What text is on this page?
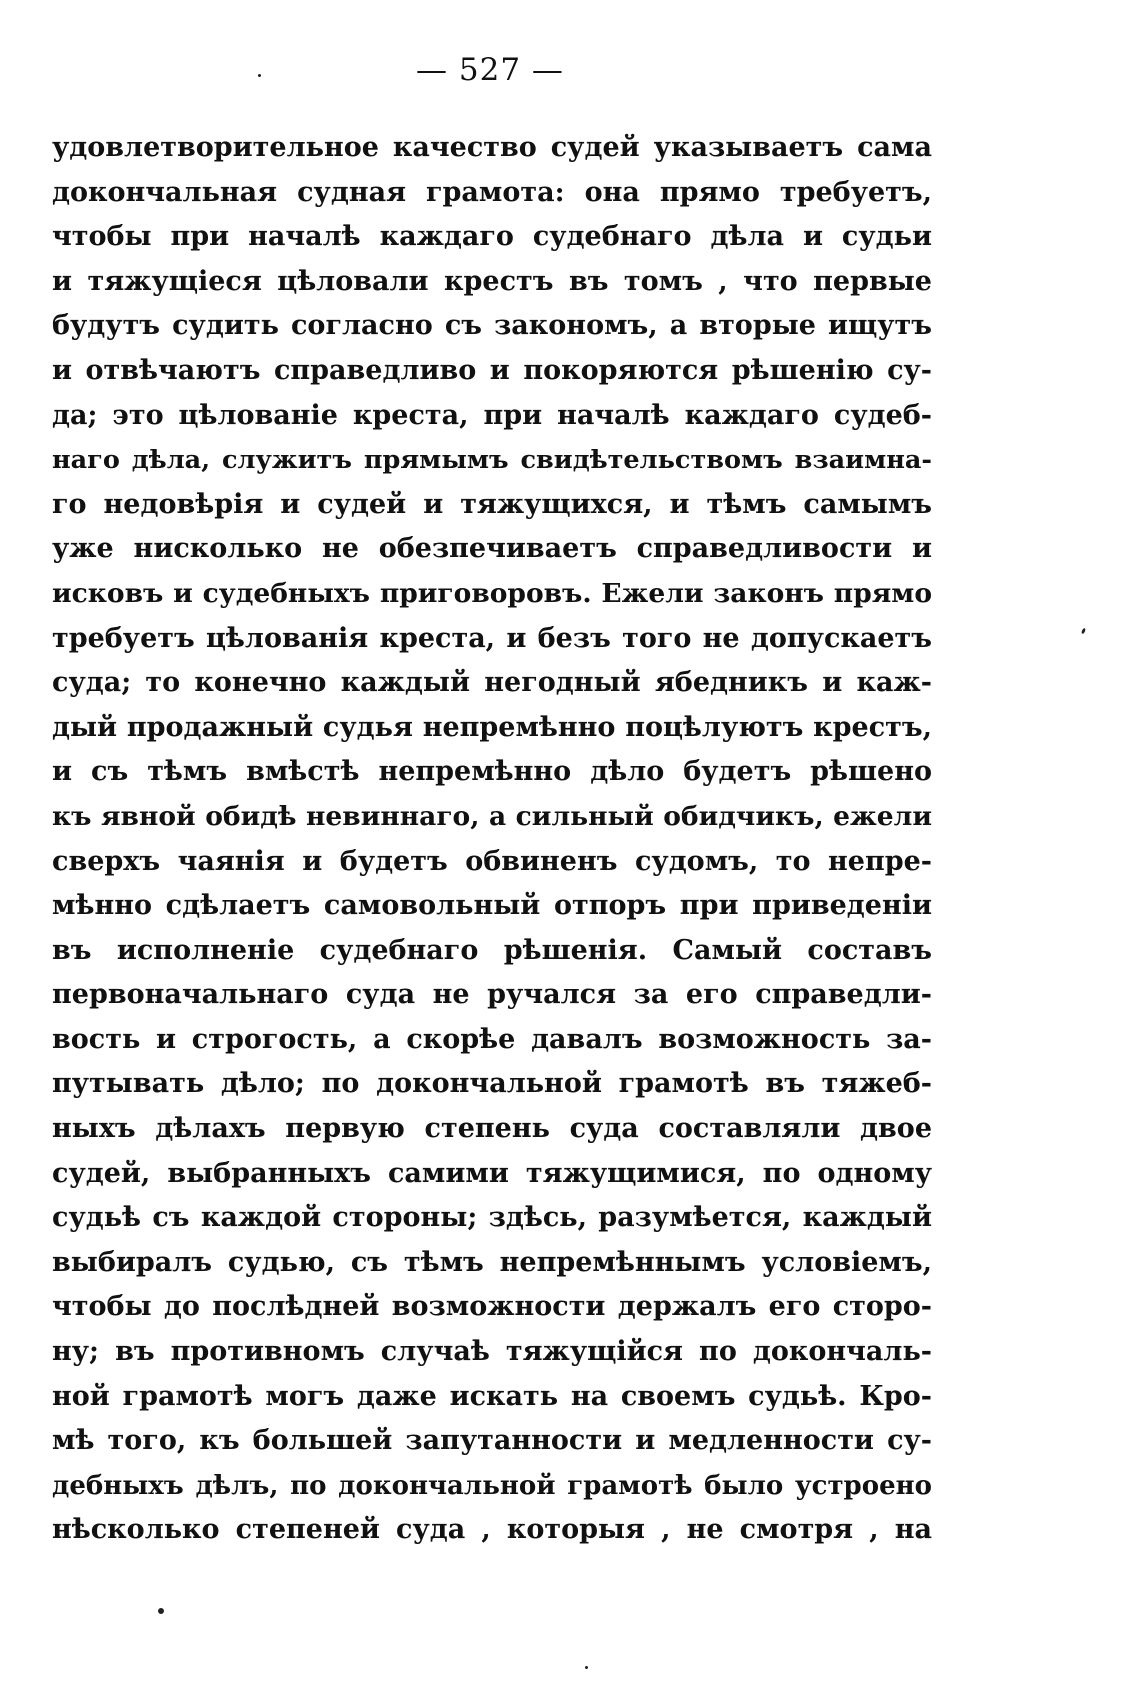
— 527 —
удовлетворительное качество судей указываетъ сама
докончальная судная грамота: она прямо требуетъ,
чтобы при началѣ каждаго судебнаго дѣла и судьи
и тяжущіеся цѣловали крестъ въ томъ , что первые
будутъ судить согласно съ закономъ, а вторые ищутъ
и отвѣчаютъ справедливо и покоряются рѣшенію су-
да; это цѣлованіе креста, при началѣ каждаго судеб-
наго дѣла, служитъ прямымъ свидѣтельствомъ взаимна-
го недовѣрія и судей и тяжущихся, и тѣмъ самымъ
уже нисколько не обезпечиваетъ справедливости и
исковъ и судебныхъ приговоровъ. Ежели законъ прямо
требуетъ цѣлованія креста, и безъ того не допускаетъ
суда; то конечно каждый негодный ябедникъ и каж-
дый продажный судья непремѣнно поцѣлуютъ крестъ,
и съ тѣмъ вмѣстѣ непремѣнно дѣло будетъ рѣшено
къ явной обидѣ невиннаго, а сильный обидчикъ, ежели
сверхъ чаянія и будетъ обвиненъ судомъ, то непре-
мѣнно сдѣлаетъ самовольный отпоръ при приведеніи
въ исполненіе судебнаго рѣшенія. Самый составъ
первоначальнаго суда не ручался за его справедли-
вость и строгость, а скорѣе давалъ возможность за-
путывать дѣло; по докончальной грамотѣ въ тяжеб-
ныхъ дѣлахъ первую степень суда составляли двое
судей, выбранныхъ самими тяжущимися, по одному
судьѣ съ каждой стороны; здѣсь, разумѣется, каждый
выбиралъ судью, съ тѣмъ непремѣннымъ условіемъ,
чтобы до послѣдней возможности держалъ его сторо-
ну; въ противномъ случаѣ тяжущійся по докончаль-
ной грамотѣ могъ даже искать на своемъ судьѣ. Кро-
мѣ того, къ большей запутанности и медленности су-
дебныхъ дѣлъ, по докончальной грамотѣ было устроено
нѣсколько степеней суда , которыя , не смотря , на
